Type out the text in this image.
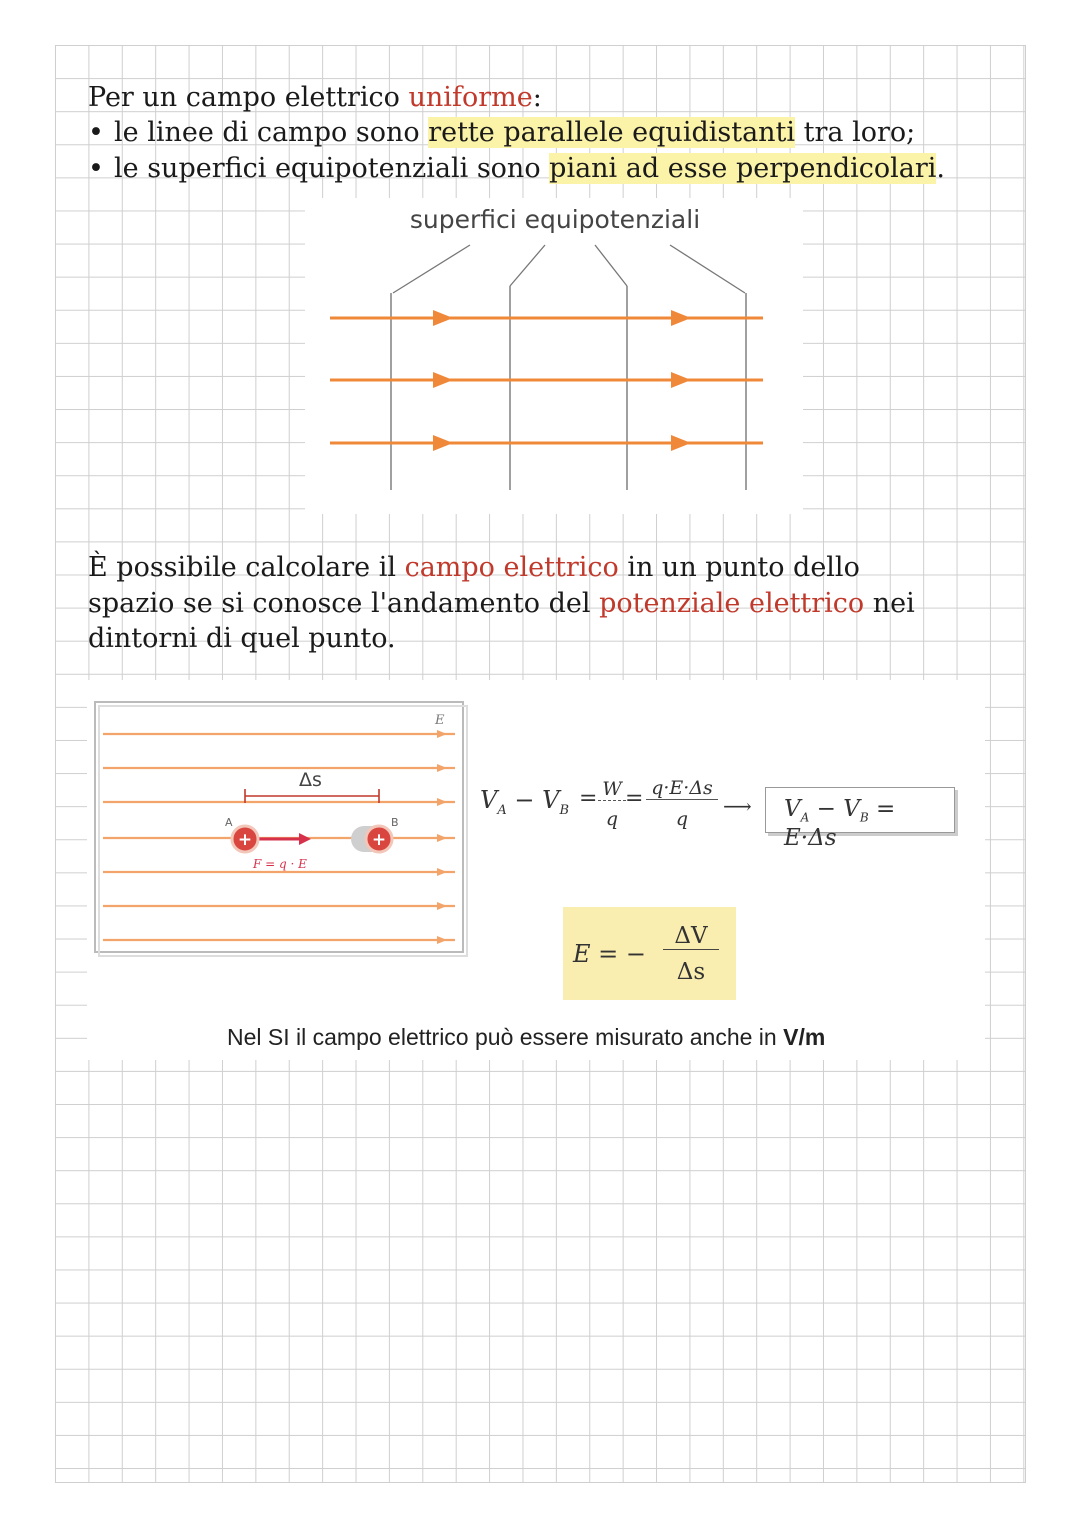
Per un campo elettrico uniforme:
• le linee di campo sono rette parallele equidistanti tra loro;
• le superfici equipotenziali sono piani ad esse perpendicolari.
superfici equipotenziali
È possibile calcolare il campo elettrico in un punto dello
spazio se si conosce l'andamento del potenziale elettrico nei
dintorni di quel punto.
E
Δs
+	+
A	B
F = q · E
$V_A - V_B = W$
q
= q·E·Δs
q
⟶ $V_A - V_B = E\cdot\Delta s$
E = −
ΔV
Δs
Nel SI il campo elettrico può essere misurato anche in V/m
